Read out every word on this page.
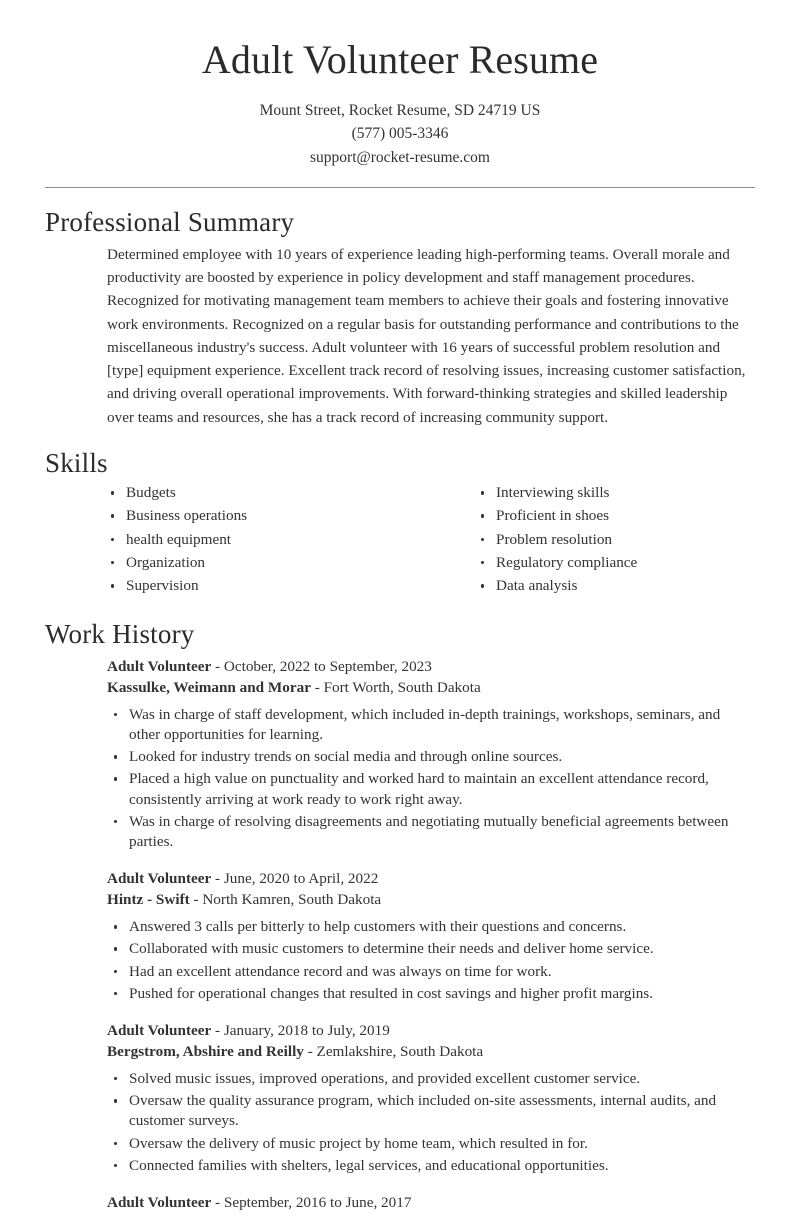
Adult Volunteer Resume
Mount Street, Rocket Resume, SD 24719 US
(577) 005-3346
support@rocket-resume.com
Professional Summary

Determined employee with 10 years of experience leading high-performing teams. Overall morale and productivity are boosted by experience in policy development and staff management procedures. Recognized for motivating management team members to achieve their goals and fostering innovative work environments. Recognized on a regular basis for outstanding performance and contributions to the miscellaneous industry's success. Adult volunteer with 16 years of successful problem resolution and [type] equipment experience. Excellent track record of resolving issues, increasing customer satisfaction, and driving overall operational improvements. With forward-thinking strategies and skilled leadership over teams and resources, she has a track record of increasing community support.

Skills
Budgets
Business operations
health equipment
Organization
Supervision
Interviewing skills
Proficient in shoes
Problem resolution
Regulatory compliance
Data analysis
Work History
Adult Volunteer - October, 2022 to September, 2023
Kassulke, Weimann and Morar - Fort Worth, South Dakota
Was in charge of staff development, which included in-depth trainings, workshops, seminars, and other opportunities for learning.
Looked for industry trends on social media and through online sources.
Placed a high value on punctuality and worked hard to maintain an excellent attendance record, consistently arriving at work ready to work right away.
Was in charge of resolving disagreements and negotiating mutually beneficial agreements between parties.
Adult Volunteer - June, 2020 to April, 2022
Hintz - Swift - North Kamren, South Dakota
Answered 3 calls per bitterly to help customers with their questions and concerns.
Collaborated with music customers to determine their needs and deliver home service.
Had an excellent attendance record and was always on time for work.
Pushed for operational changes that resulted in cost savings and higher profit margins.
Adult Volunteer - January, 2018 to July, 2019
Bergstrom, Abshire and Reilly - Zemlakshire, South Dakota
Solved music issues, improved operations, and provided excellent customer service.
Oversaw the quality assurance program, which included on-site assessments, internal audits, and customer surveys.
Oversaw the delivery of music project by home team, which resulted in for.
Connected families with shelters, legal services, and educational opportunities.
Adult Volunteer - September, 2016 to June, 2017
